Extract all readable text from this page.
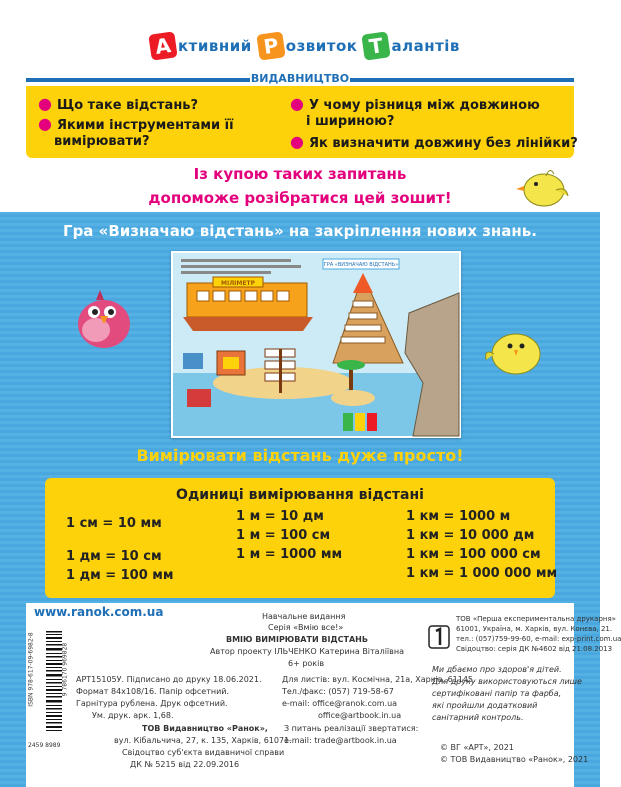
А ктивний Р озвиток Т алантів
ВИДАВНИЦТВО
● Що таке відстань?
● Якими інструментами її
вимірювати?
● У чому різниця між довжиною
і шириною?
● Як визначити довжину без лінійки?
Із купою таких запитань
допоможе розібратися цей зошит!
Гра «Визначаю відстань» на закріплення нових знань.
МІЛІМЕТР
ГРА «ВИЗНАЧАЮ ВІДСТАНЬ»
Вимірювати відстань дуже просто!
Одиниці вимірювання відстані
1 см = 10 мм
1 дм = 10 см
1 дм = 100 мм
1 м = 10 дм
1 м = 100 см
1 м = 1000 мм
1 км = 1000 м
1 км = 10 000 дм
1 км = 100 000 см
1 км = 1 000 000 мм
www.ranok.com.ua	Навчальне видання
Серія «Вмію все!»
ВМІЮ ВИМІРЮВАТИ ВІДСТАНЬ
Автор проекту ІЛЬЧЕНКО Катерина Віталіївна
6+ років
АРТ15105У. Підписано до друку 18.06.2021.
Формат 84x108/16. Папір офсетний.
Гарнітура рублена. Друк офсетний.
Ум. друк. арк. 1,68.
Для листів: вул. Космічна, 21а, Харків, 61145.
Тел./факс: (057) 719-58-67
e-mail: office@ranok.com.ua
office@artbook.in.ua
ТОВ Видавництво «Ранок»,
вул. Кібальчича, 27, к. 135, Харків, 61071.
Свідоцтво суб'єкта видавничої справи
ДК № 5215 від 22.09.2016
З питань реалізації звертатися:
e-mail: trade@artbook.in.ua
ТОВ «Перша експериментальна друкарня»
61001, Україна, м. Харків, вул. Конєва, 21.
тел.: (057)759-99-60, e-mail: exp-print.com.ua
Свідоцтво: серія ДК №4602 від 21.08.2013
Ми дбаємо про здоров'я дітей.
Для друку використовуються лише
сертифіковані папір та фарба,
які пройшли додатковий
санітарний контроль.
© ВГ «АРТ», 2021
© ТОВ Видавництво «Ранок», 2021
ISBN 978-617-09-6982-8	9 786170 969828
2459 8989
